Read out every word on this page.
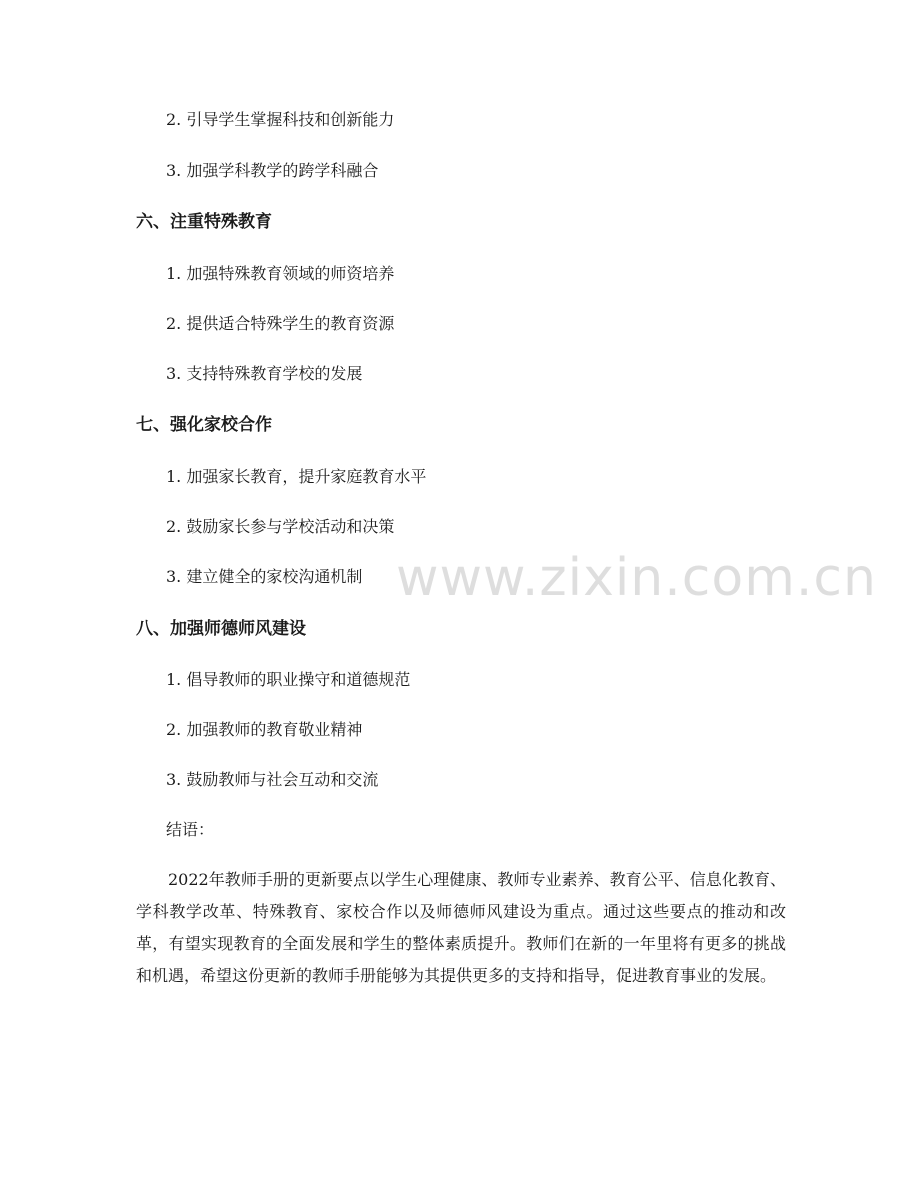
2. 引导学生掌握科技和创新能力
3. 加强学科教学的跨学科融合
六、注重特殊教育
1. 加强特殊教育领域的师资培养
2. 提供适合特殊学生的教育资源
3. 支持特殊教育学校的发展
七、强化家校合作
1. 加强家长教育，提升家庭教育水平
2. 鼓励家长参与学校活动和决策
3. 建立健全的家校沟通机制
八、加强师德师风建设
1. 倡导教师的职业操守和道德规范
2. 加强教师的教育敬业精神
3. 鼓励教师与社会互动和交流
结语：
2022年教师手册的更新要点以学生心理健康、教师专业素养、教育公平、信息化教育、学科教学改革、特殊教育、家校合作以及师德师风建设为重点。通过这些要点的推动和改革，有望实现教育的全面发展和学生的整体素质提升。教师们在新的一年里将有更多的挑战和机遇，希望这份更新的教师手册能够为其提供更多的支持和指导，促进教育事业的发展。
www.zixin.com.cn
